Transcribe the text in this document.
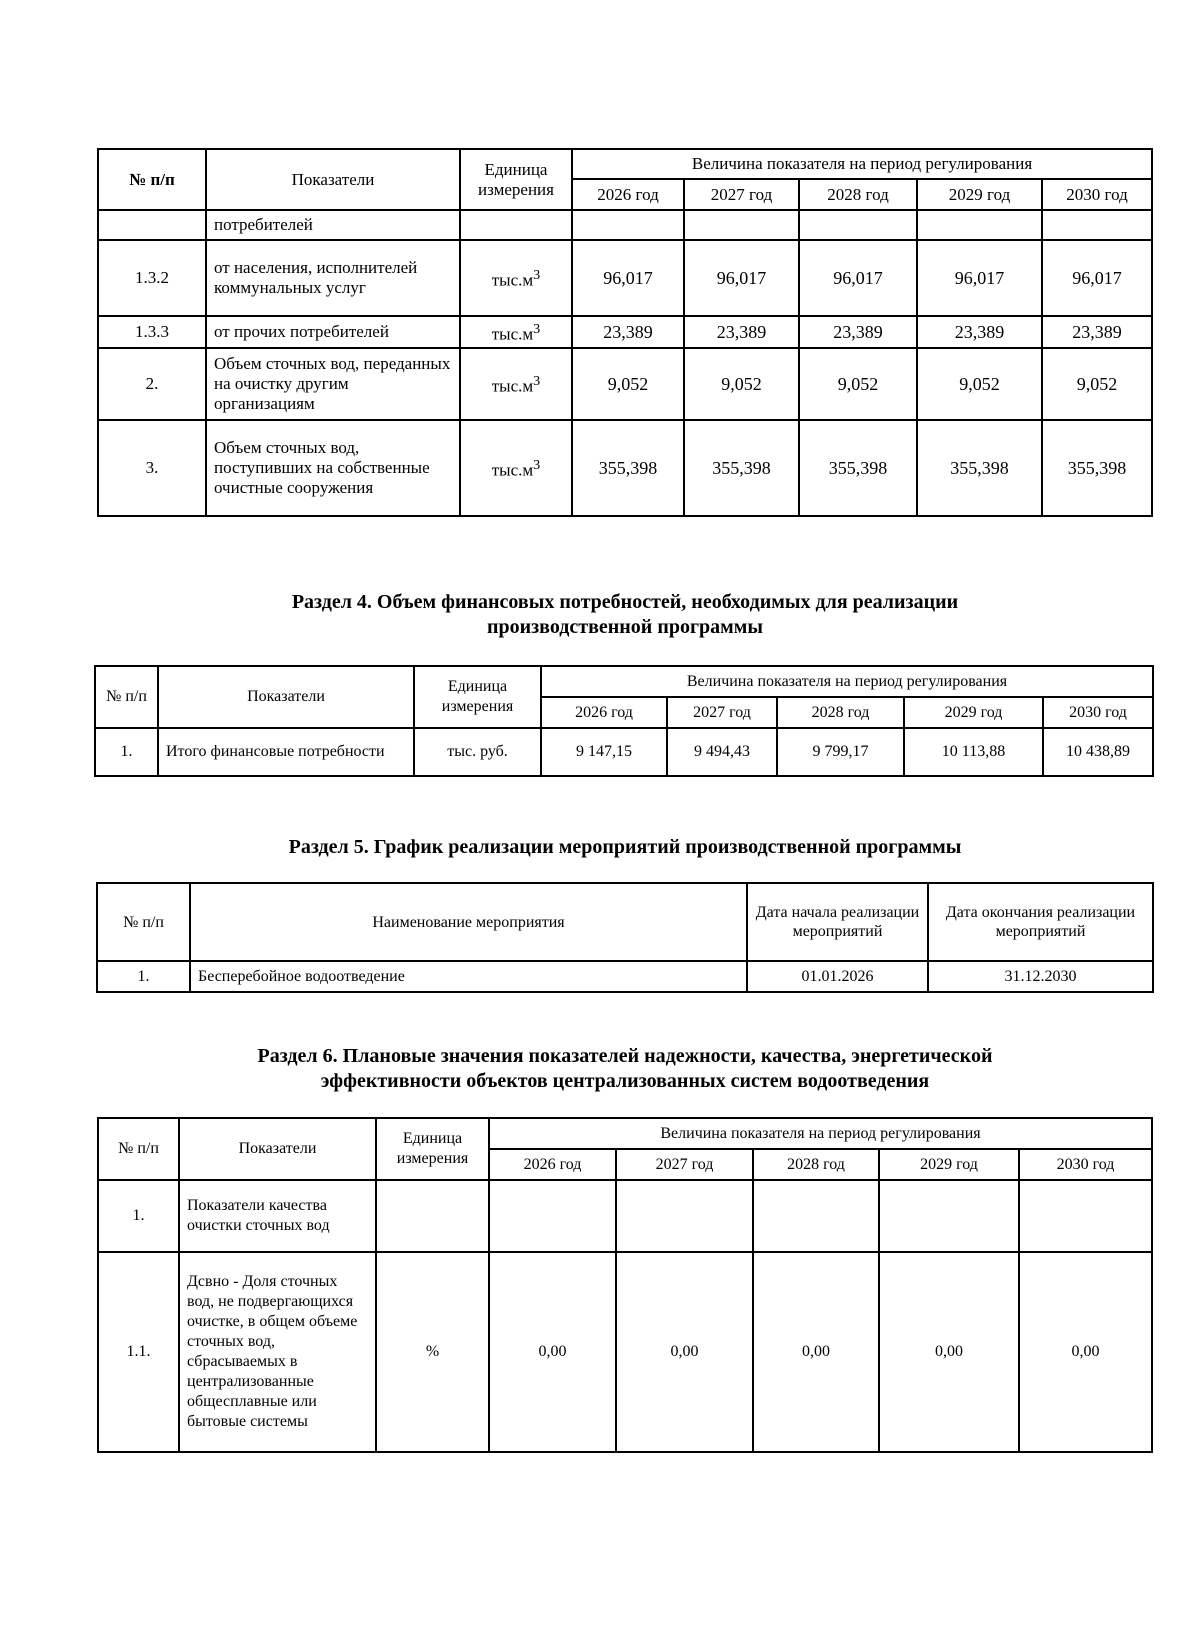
№ п/п	Показатели	Единица измерения	Величина показателя на период регулирования				
			2026 год	2027 год	2028 год	2029 год	2030 год
	потребителей						
1.3.2	от населения, исполнителей коммунальных услуг	$тыс.м^3$	96,017	96,017	96,017	96,017	96,017
1.3.3	от прочих потребителей	$тыс.м^3$	23,389	23,389	23,389	23,389	23,389
2.	Объем сточных вод, переданных на очистку другим организациям	$тыс.м^3$	9,052	9,052	9,052	9,052	9,052
3.	Объем сточных вод, поступивших на собственные очистные сооружения	$тыс.м^3$	355,398	355,398	355,398	355,398	355,398
Раздел 4. Объем финансовых потребностей, необходимых для реализации
производственной программы
№ п/п	Показатели	Единица измерения	Величина показателя на период регулирования				
			2026 год	2027 год	2028 год	2029 год	2030 год
1.	Итого финансовые потребности	тыс. руб.	9 147,15	9 494,43	9 799,17	10 113,88	10 438,89
Раздел 5. График реализации мероприятий производственной программы
№ п/п	Наименование мероприятия	Дата начала реализации мероприятий	Дата окончания реализации мероприятий
1.	Бесперебойное водоотведение	01.01.2026	31.12.2030
Раздел 6. Плановые значения показателей надежности, качества, энергетической
эффективности объектов централизованных систем водоотведения
№ п/п	Показатели	Единица измерения	Величина показателя на период регулирования				
			2026 год	2027 год	2028 год	2029 год	2030 год
1.	Показатели качества очистки сточных вод						
1.1.	Дсвно - Доля сточных вод, не подвергающихся очистке, в общем объеме сточных вод, сбрасываемых в централизованные общесплавные или бытовые системы	%	0,00	0,00	0,00	0,00	0,00
